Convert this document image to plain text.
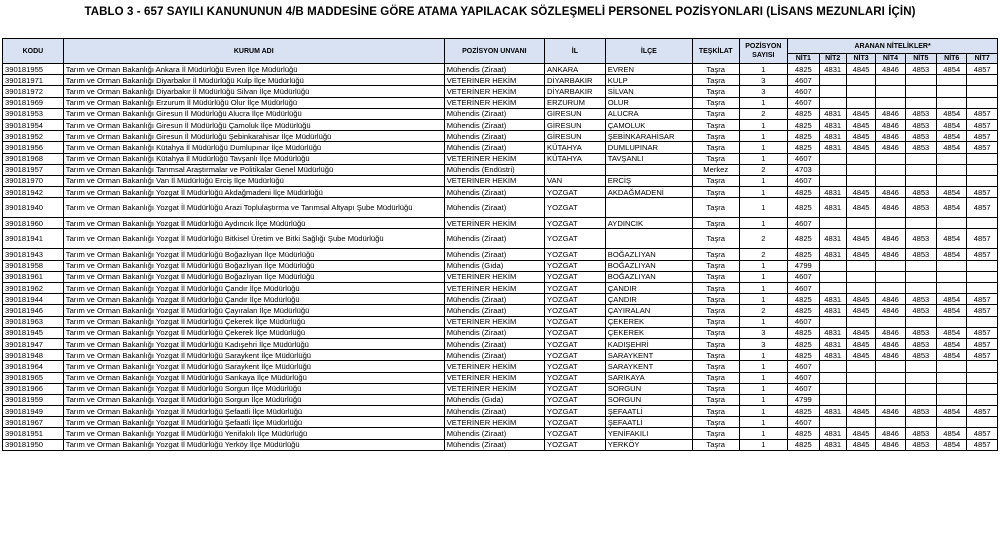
TABLO 3 - 657 SAYILI KANUNUNUN 4/B MADDESİNE GÖRE ATAMA YAPILACAK SÖZLEŞMELİ PERSONEL POZİSYONLARI (LİSANS MEZUNLARI İÇİN)
KODU	KURUM ADI	POZİSYON UNVANI	İL	İLÇE	TEŞKİLAT	POZİSYON SAYISI	ARANAN NİTELİKLER*						
							NİT1	NİT2	NİT3	NİT4	NİT5	NİT6	NİT7
390181955	Tarım ve Orman Bakanlığı Ankara İl Müdürlüğü Evren İlçe Müdürlüğü	Mühendis (Ziraat)	ANKARA	EVREN	Taşra	1	4825	4831	4845	4846	4853	4854	4857
390181971	Tarım ve Orman Bakanlığı Diyarbakır İl Müdürlüğü Kulp İlçe Müdürlüğü	VETERİNER HEKİM	DİYARBAKIR	KULP	Taşra	3	4607						
390181972	Tarım ve Orman Bakanlığı Diyarbakır İl Müdürlüğü Silvan İlçe Müdürlüğü	VETERİNER HEKİM	DİYARBAKIR	SİLVAN	Taşra	3	4607						
390181969	Tarım ve Orman Bakanlığı Erzurum İl Müdürlüğü Olur İlçe Müdürlüğü	VETERİNER HEKİM	ERZURUM	OLUR	Taşra	1	4607						
390181953	Tarım ve Orman Bakanlığı Giresun İl Müdürlüğü Alucra İlçe Müdürlüğü	Mühendis (Ziraat)	GİRESUN	ALUCRA	Taşra	2	4825	4831	4845	4846	4853	4854	4857
390181954	Tarım ve Orman Bakanlığı Giresun İl Müdürlüğü Çamoluk İlçe Müdürlüğü	Mühendis (Ziraat)	GİRESUN	ÇAMOLUK	Taşra	1	4825	4831	4845	4846	4853	4854	4857
390181952	Tarım ve Orman Bakanlığı Giresun İl Müdürlüğü Şebinkarahisar İlçe Müdürlüğü	Mühendis (Ziraat)	GİRESUN	ŞEBİNKARAHİSAR	Taşra	1	4825	4831	4845	4846	4853	4854	4857
390181956	Tarım ve Orman Bakanlığı Kütahya İl Müdürlüğü Dumlupınar İlçe Müdürlüğü	Mühendis (Ziraat)	KÜTAHYA	DUMLUPINAR	Taşra	1	4825	4831	4845	4846	4853	4854	4857
390181968	Tarım ve Orman Bakanlığı Kütahya İl Müdürlüğü Tavşanlı İlçe Müdürlüğü	VETERİNER HEKİM	KÜTAHYA	TAVŞANLI	Taşra	1	4607						
390181957	Tarım ve Orman Bakanlığı Tarımsal Araştırmalar ve Politikalar Genel Müdürlüğü	Mühendis (Endüstri)			Merkez	2	4703						
390181970	Tarım ve Orman Bakanlığı Van İl Müdürlüğü Erciş İlçe Müdürlüğü	VETERİNER HEKİM	VAN	ERCİŞ	Taşra	1	4607						
390181942	Tarım ve Orman Bakanlığı Yozgat İl Müdürlüğü Akdağmadeni İlçe Müdürlüğü	Mühendis (Ziraat)	YOZGAT	AKDAĞMADENİ	Taşra	1	4825	4831	4845	4846	4853	4854	4857
390181940	Tarım ve Orman Bakanlığı Yozgat İl Müdürlüğü Arazi Toplulaştırma ve Tarımsal Altyapı Şube Müdürlüğü	Mühendis (Ziraat)	YOZGAT		Taşra	1	4825	4831	4845	4846	4853	4854	4857
390181960	Tarım ve Orman Bakanlığı Yozgat İl Müdürlüğü Aydıncık İlçe Müdürlüğü	VETERİNER HEKİM	YOZGAT	AYDINCIK	Taşra	1	4607						
390181941	Tarım ve Orman Bakanlığı Yozgat İl Müdürlüğü Bitkisel Üretim ve Bitki Sağlığı Şube Müdürlüğü	Mühendis (Ziraat)	YOZGAT		Taşra	2	4825	4831	4845	4846	4853	4854	4857
390181943	Tarım ve Orman Bakanlığı Yozgat İl Müdürlüğü Boğazlıyan İlçe Müdürlüğü	Mühendis (Ziraat)	YOZGAT	BOĞAZLIYAN	Taşra	2	4825	4831	4845	4846	4853	4854	4857
390181958	Tarım ve Orman Bakanlığı Yozgat İl Müdürlüğü Boğazlıyan İlçe Müdürlüğü	Mühendis (Gıda)	YOZGAT	BOĞAZLIYAN	Taşra	1	4799						
390181961	Tarım ve Orman Bakanlığı Yozgat İl Müdürlüğü Boğazlıyan İlçe Müdürlüğü	VETERİNER HEKİM	YOZGAT	BOĞAZLIYAN	Taşra	1	4607						
390181962	Tarım ve Orman Bakanlığı Yozgat İl Müdürlüğü Çandır İlçe Müdürlüğü	VETERİNER HEKİM	YOZGAT	ÇANDIR	Taşra	1	4607						
390181944	Tarım ve Orman Bakanlığı Yozgat İl Müdürlüğü Çandır İlçe Müdürlüğü	Mühendis (Ziraat)	YOZGAT	ÇANDIR	Taşra	1	4825	4831	4845	4846	4853	4854	4857
390181946	Tarım ve Orman Bakanlığı Yozgat İl Müdürlüğü Çayıralan İlçe Müdürlüğü	Mühendis (Ziraat)	YOZGAT	ÇAYIRALAN	Taşra	2	4825	4831	4845	4846	4853	4854	4857
390181963	Tarım ve Orman Bakanlığı Yozgat İl Müdürlüğü Çekerek İlçe Müdürlüğü	VETERİNER HEKİM	YOZGAT	ÇEKEREK	Taşra	1	4607						
390181945	Tarım ve Orman Bakanlığı Yozgat İl Müdürlüğü Çekerek İlçe Müdürlüğü	Mühendis (Ziraat)	YOZGAT	ÇEKEREK	Taşra	3	4825	4831	4845	4846	4853	4854	4857
390181947	Tarım ve Orman Bakanlığı Yozgat İl Müdürlüğü Kadışehri İlçe Müdürlüğü	Mühendis (Ziraat)	YOZGAT	KADIŞEHRİ	Taşra	3	4825	4831	4845	4846	4853	4854	4857
390181948	Tarım ve Orman Bakanlığı Yozgat İl Müdürlüğü Saraykent İlçe Müdürlüğü	Mühendis (Ziraat)	YOZGAT	SARAYKENT	Taşra	1	4825	4831	4845	4846	4853	4854	4857
390181964	Tarım ve Orman Bakanlığı Yozgat İl Müdürlüğü Saraykent İlçe Müdürlüğü	VETERİNER HEKİM	YOZGAT	SARAYKENT	Taşra	1	4607						
390181965	Tarım ve Orman Bakanlığı Yozgat İl Müdürlüğü Sarıkaya İlçe Müdürlüğü	VETERİNER HEKİM	YOZGAT	SARIKAYA	Taşra	1	4607						
390181966	Tarım ve Orman Bakanlığı Yozgat İl Müdürlüğü Sorgun İlçe Müdürlüğü	VETERİNER HEKİM	YOZGAT	SORGUN	Taşra	1	4607						
390181959	Tarım ve Orman Bakanlığı Yozgat İl Müdürlüğü Sorgun İlçe Müdürlüğü	Mühendis (Gıda)	YOZGAT	SORGUN	Taşra	1	4799						
390181949	Tarım ve Orman Bakanlığı Yozgat İl Müdürlüğü Şefaatli İlçe Müdürlüğü	Mühendis (Ziraat)	YOZGAT	ŞEFAATLİ	Taşra	1	4825	4831	4845	4846	4853	4854	4857
390181967	Tarım ve Orman Bakanlığı Yozgat İl Müdürlüğü Şefaatli İlçe Müdürlüğü	VETERİNER HEKİM	YOZGAT	ŞEFAATLİ	Taşra	1	4607						
390181951	Tarım ve Orman Bakanlığı Yozgat İl Müdürlüğü Yenifakılı İlçe Müdürlüğü	Mühendis (Ziraat)	YOZGAT	YENİFAKILI	Taşra	1	4825	4831	4845	4846	4853	4854	4857
390181950	Tarım ve Orman Bakanlığı Yozgat İl Müdürlüğü Yerköy İlçe Müdürlüğü	Mühendis (Ziraat)	YOZGAT	YERKÖY	Taşra	1	4825	4831	4845	4846	4853	4854	4857
